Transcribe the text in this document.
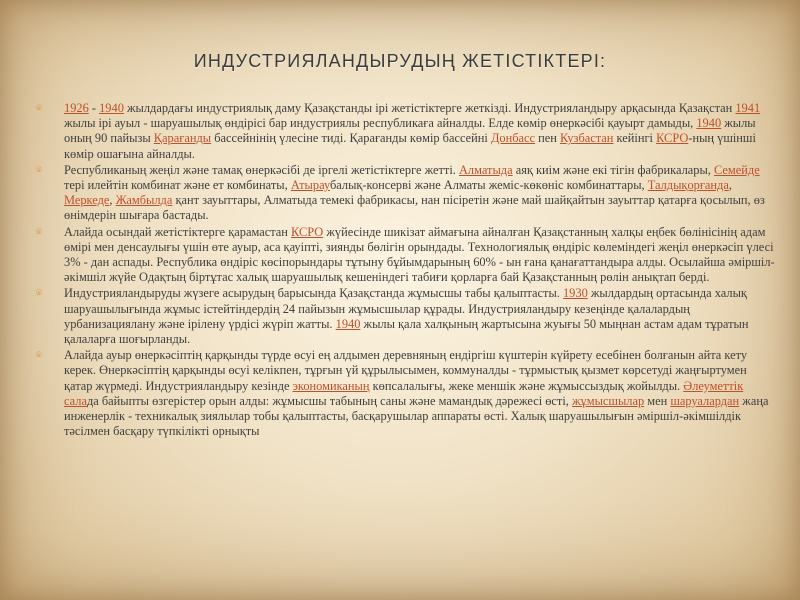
ИНДУСТРИЯЛАНДЫРУДЫҢ ЖЕТІСТІКТЕРІ:
⌾ 1926 - 1940 жылдардағы индустриялық даму Қазақстанды ірі жетістіктерге жеткізді. Индустрияландыру арқасында Қазақстан 1941 жылы ірі ауыл - шаруашылық өндірісі бар индустриялы республикаға айналды. Елде көмір өнеркәсібі қауырт дамыды, 1940 жылы оның 90 пайызы Қарағанды бассейнінің үлесіне тиді. Қарағанды көмір бассейні Донбасс пен Кузбастан кейінгі КСРО-ның үшінші көмір ошағына айналды.
⌾ Республиканың жеңіл және тамақ өнеркәсібі де іргелі жетістіктерге жетті. Алматыда аяқ киім және екі тігін фабрикалары, Семейде тері илейтін комбинат және ет комбинаты, Атыраубалық-консерві және Алматы жеміс-көкөніс комбинаттары, Талдықорғанда, Меркеде, Жамбылда қант зауыттары, Алматыда темекі фабрикасы, нан пісіретін және май шайқайтын зауыттар қатарға қосылып, өз өнімдерін шығара бастады.
⌾ Алайда осындай жетістіктерге қарамастан КСРО жүйесінде шикізат аймағына айналған Қазақстанның халқы еңбек бөлінісінің адам өмірі мен денсаулығы үшін өте ауыр, аса қауіпті, зиянды бөлігін орындады. Технологиялық өндіріс көлеміндегі жеңіл өнеркәсіп үлесі 3% - дан аспады. Республика өндіріс көсіпорындары тұтыну бұйымдарының 60% - ын ғана қанағаттандыра алды. Осылайша әміршіл-әкімшіл жүйе Одақтың біртұтас халық шаруашылық кешеніндегі табиғи қорларға бай Қазақстанның рөлін анықтап берді.
⌾ Индустрияландыруды жүзеге асырудың барысында Қазақстанда жұмысшы табы қалыптасты. 1930 жылдардың ортасында халық шаруашылығында жұмыс істейтіндердің 24 пайызын жұмысшылар құрады. Индустрияландыру кезеңінде қалалардың урбанизациялану және ірілену үрдісі жүріп жатты. 1940 жылы қала халқының жартысына жуығы 50 мыңнан астам адам тұратын қалаларға шоғырланды.
⌾ Алайда ауыр өнеркәсіптің қарқынды түрде өсуі ең алдымен деревняның ендіргіш күштерін күйрету есебінен болғанын айта кету керек. Өнеркәсіптің қарқынды өсуі келікпен, тұрғын үй құрылысымен, коммуналды - тұрмыстық қызмет көрсетуді жаңғыртумен қатар жүрмеді. Индустрияландыру кезінде экономиканың көпсалалығы, жеке меншік және жұмыссыздық жойылды. Әлеуметтік салада байыпты өзгерістер орын алды: жұмысшы табының саны және мамандық дәрежесі өсті, жұмысшылар мен шаруалардан жаңа инженерлік - техникалық зиялылар тобы қалыптасты, басқарушылар аппараты өсті. Халық шаруашылығын әміршіл-әкімшілдік тәсілмен басқару түпкілікті орнықты
